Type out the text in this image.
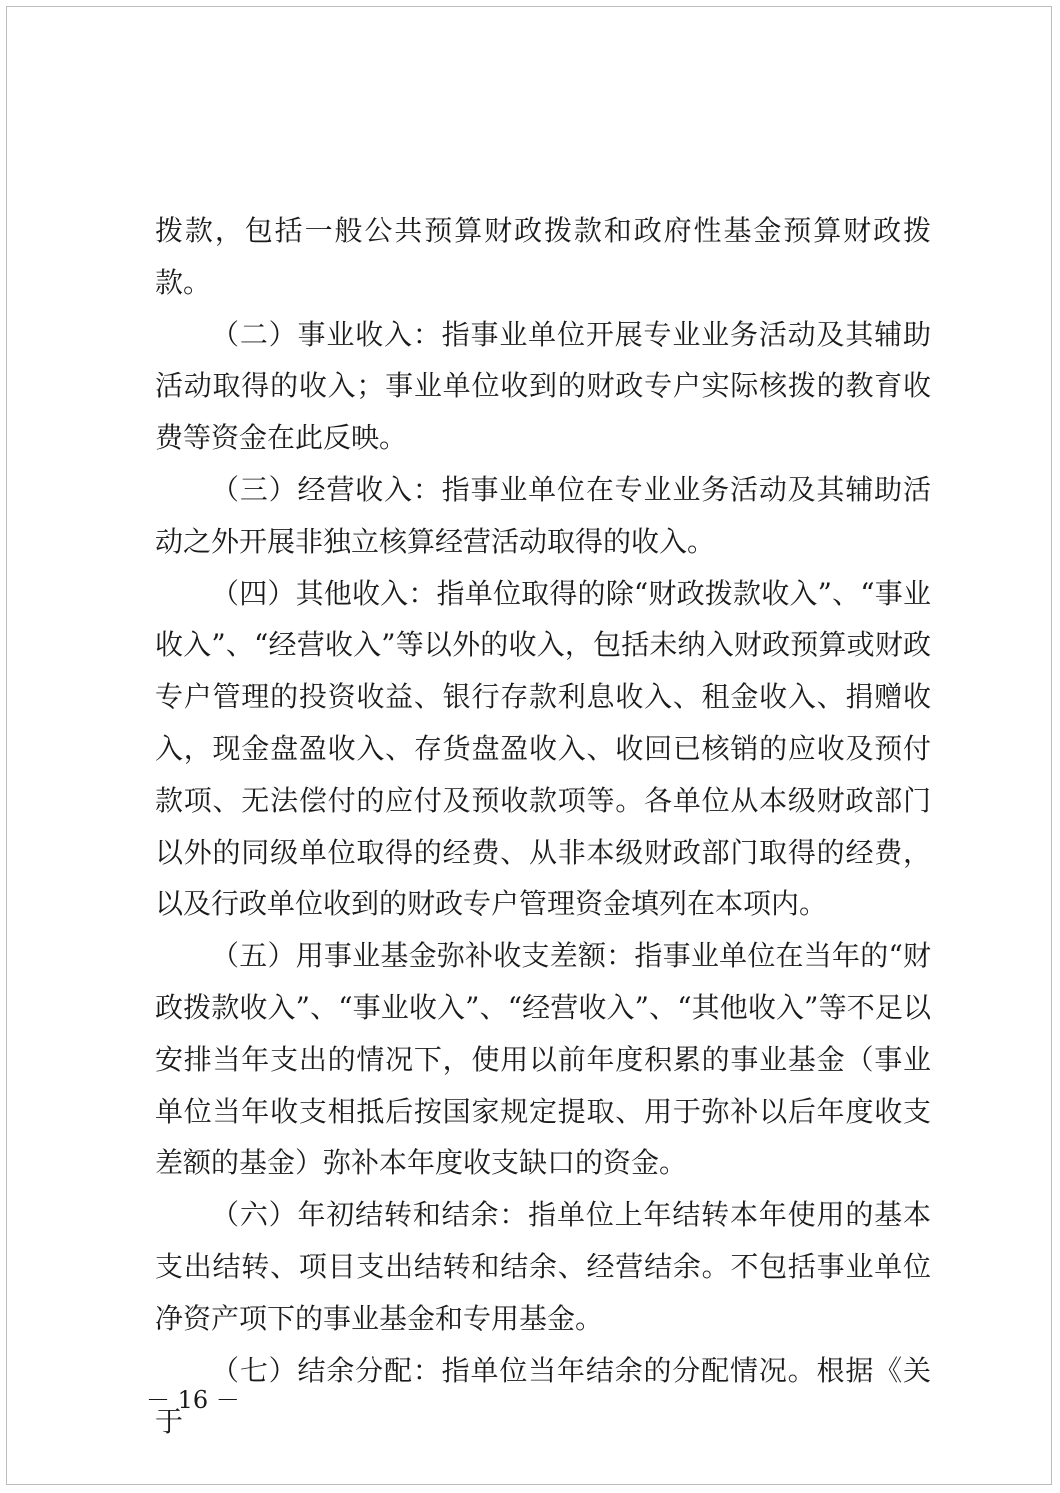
拨款，包括一般公共预算财政拨款和政府性基金预算财政拨款。

（二）事业收入：指事业单位开展专业业务活动及其辅助活动取得的收入；事业单位收到的财政专户实际核拨的教育收费等资金在此反映。

（三）经营收入：指事业单位在专业业务活动及其辅助活动之外开展非独立核算经营活动取得的收入。

（四）其他收入：指单位取得的除“财政拨款收入”、“事业收入”、“经营收入”等以外的收入，包括未纳入财政预算或财政专户管理的投资收益、银行存款利息收入、租金收入、捐赠收入，现金盘盈收入、存货盘盈收入、收回已核销的应收及预付款项、无法偿付的应付及预收款项等。各单位从本级财政部门以外的同级单位取得的经费、从非本级财政部门取得的经费，以及行政单位收到的财政专户管理资金填列在本项内。

（五）用事业基金弥补收支差额：指事业单位在当年的“财政拨款收入”、“事业收入”、“经营收入”、“其他收入”等不足以安排当年支出的情况下，使用以前年度积累的事业基金（事业单位当年收支相抵后按国家规定提取、用于弥补以后年度收支差额的基金）弥补本年度收支缺口的资金。

（六）年初结转和结余：指单位上年结转本年使用的基本支出结转、项目支出结转和结余、经营结余。不包括事业单位净资产项下的事业基金和专用基金。

（七）结余分配：指单位当年结余的分配情况。根据《关于

－ 16 －
